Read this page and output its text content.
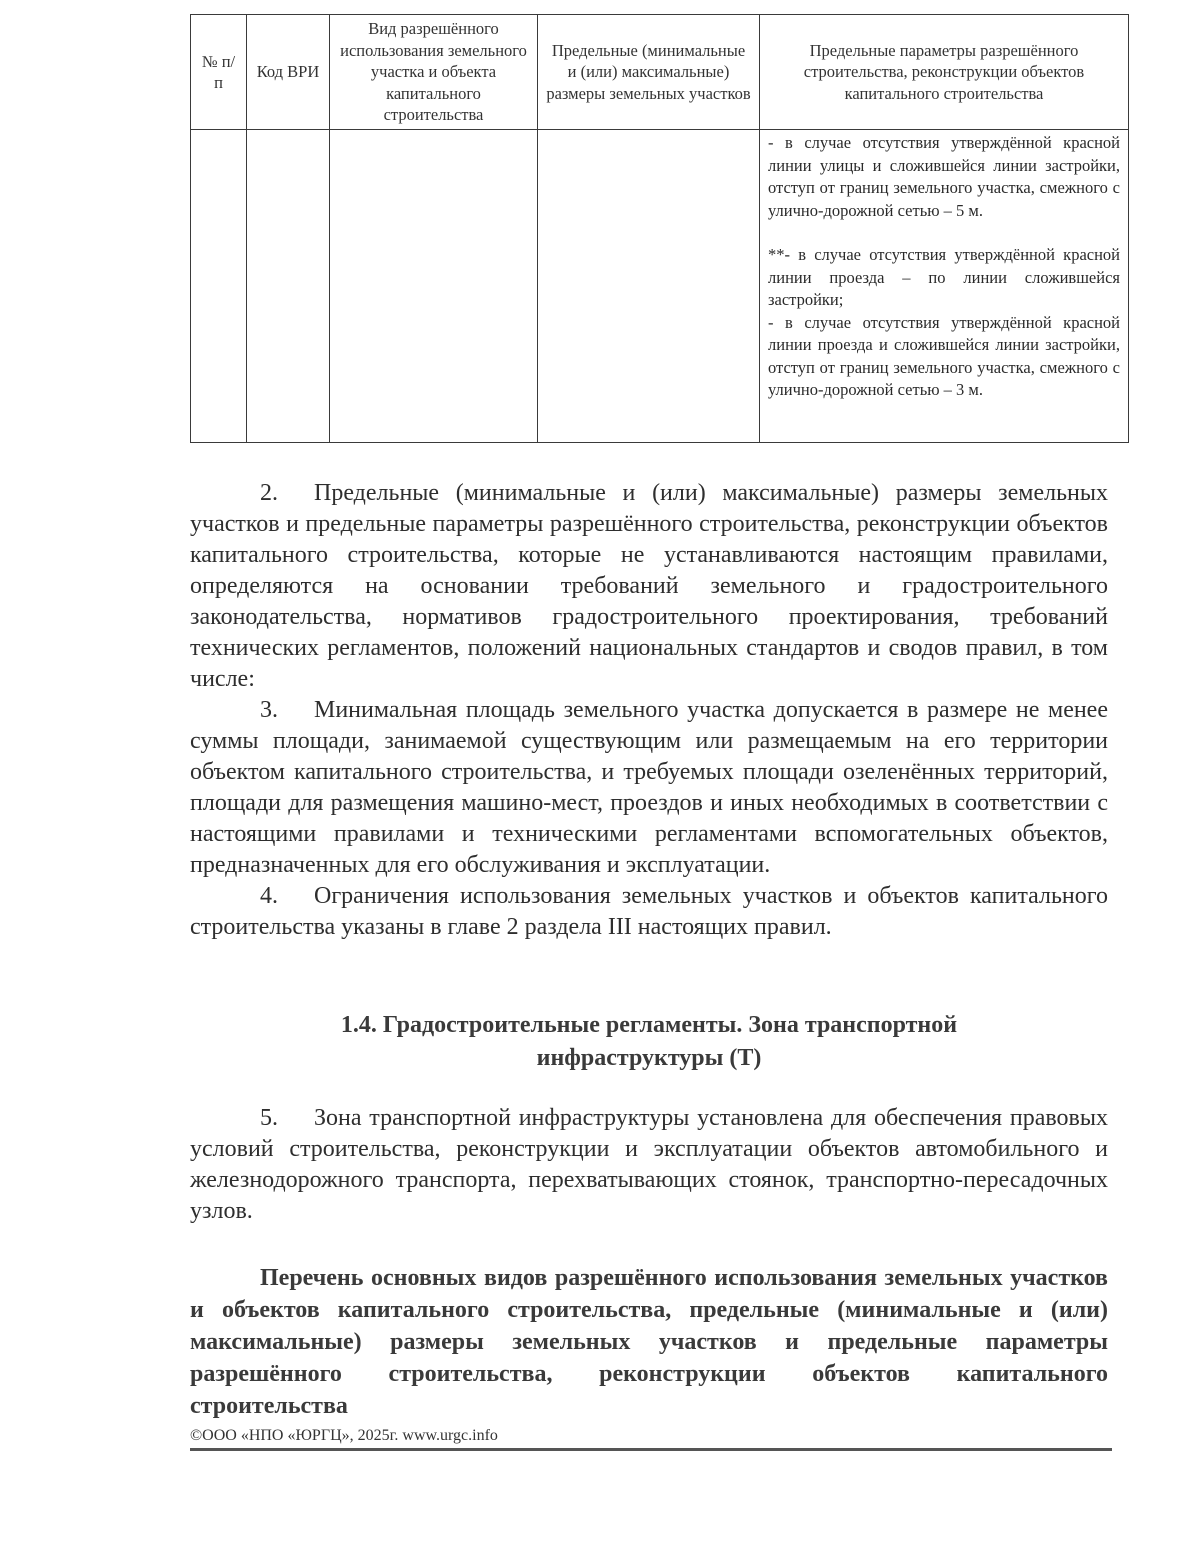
№ п/п	Код ВРИ	Вид разрешённого использования земельного участка и объекта капитального строительства	Предельные (минимальные и (или) максимальные) размеры земельных участков	Предельные параметры разрешённого строительства, реконструкции объектов капитального строительства

				- в случае отсутствия утверждённой красной линии улицы и сложившейся линии застройки, отступ от границ земельного участка, смежного с улично-дорожной сетью – 5 м.

**- в случае отсутствия утверждённой красной линии проезда – по линии сложившейся застройки;

- в случае отсутствия утверждённой красной линии проезда и сложившейся линии застройки, отступ от границ земельного участка, смежного с улично-дорожной сетью – 3 м.

2. Предельные (минимальные и (или) максимальные) размеры земельных участков и предельные параметры разрешённого строительства, реконструкции объектов капитального строительства, которые не устанавливаются настоящим правилами, определяются на основании требований земельного и градостроительного законодательства, нормативов градостроительного проектирования, требований технических регламентов, положений национальных стандартов и сводов правил, в том числе:

3. Минимальная площадь земельного участка допускается в размере не менее суммы площади, занимаемой существующим или размещаемым на его территории объектом капитального строительства, и требуемых площади озеленённых территорий, площади для размещения машино-мест, проездов и иных необходимых в соответствии с настоящими правилами и техническими регламентами вспомогательных объектов, предназначенных для его обслуживания и эксплуатации.

4. Ограничения использования земельных участков и объектов капитального строительства указаны в главе 2 раздела III настоящих правил.

1.4. Градостроительные регламенты. Зона транспортной
инфраструктуры (Т)

5. Зона транспортной инфраструктуры установлена для обеспечения правовых условий строительства, реконструкции и эксплуатации объектов автомобильного и железнодорожного транспорта, перехватывающих стоянок, транспортно-пересадочных узлов.

Перечень основных видов разрешённого использования земельных участков и объектов капитального строительства, предельные (минимальные и (или) максимальные) размеры земельных участков и предельные параметры разрешённого строительства, реконструкции объектов капитального строительства

©ООО «НПО «ЮРГЦ», 2025г. www.urgc.info
